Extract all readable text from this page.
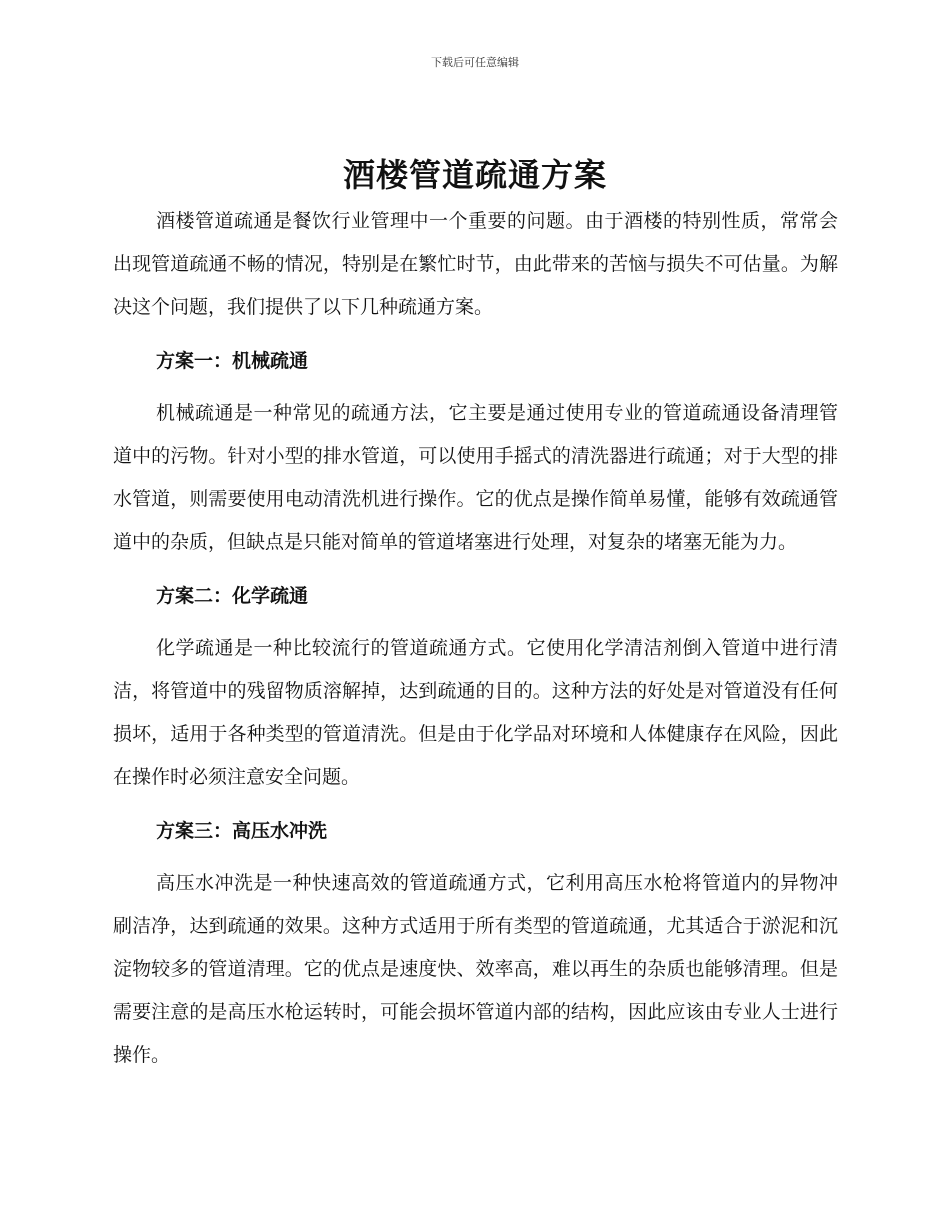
下载后可任意编辑
酒楼管道疏通方案

酒楼管道疏通是餐饮行业管理中一个重要的问题。由于酒楼的特别性质，常常会出现管道疏通不畅的情况，特别是在繁忙时节，由此带来的苦恼与损失不可估量。为解决这个问题，我们提供了以下几种疏通方案。

方案一：机械疏通

机械疏通是一种常见的疏通方法，它主要是通过使用专业的管道疏通设备清理管道中的污物。针对小型的排水管道，可以使用手摇式的清洗器进行疏通；对于大型的排水管道，则需要使用电动清洗机进行操作。它的优点是操作简单易懂，能够有效疏通管道中的杂质，但缺点是只能对简单的管道堵塞进行处理，对复杂的堵塞无能为力。

方案二：化学疏通

化学疏通是一种比较流行的管道疏通方式。它使用化学清洁剂倒入管道中进行清洁，将管道中的残留物质溶解掉，达到疏通的目的。这种方法的好处是对管道没有任何损坏，适用于各种类型的管道清洗。但是由于化学品对环境和人体健康存在风险，因此在操作时必须注意安全问题。

方案三：高压水冲洗

高压水冲洗是一种快速高效的管道疏通方式，它利用高压水枪将管道内的异物冲刷洁净，达到疏通的效果。这种方式适用于所有类型的管道疏通，尤其适合于淤泥和沉淀物较多的管道清理。它的优点是速度快、效率高，难以再生的杂质也能够清理。但是需要注意的是高压水枪运转时，可能会损坏管道内部的结构，因此应该由专业人士进行操作。
